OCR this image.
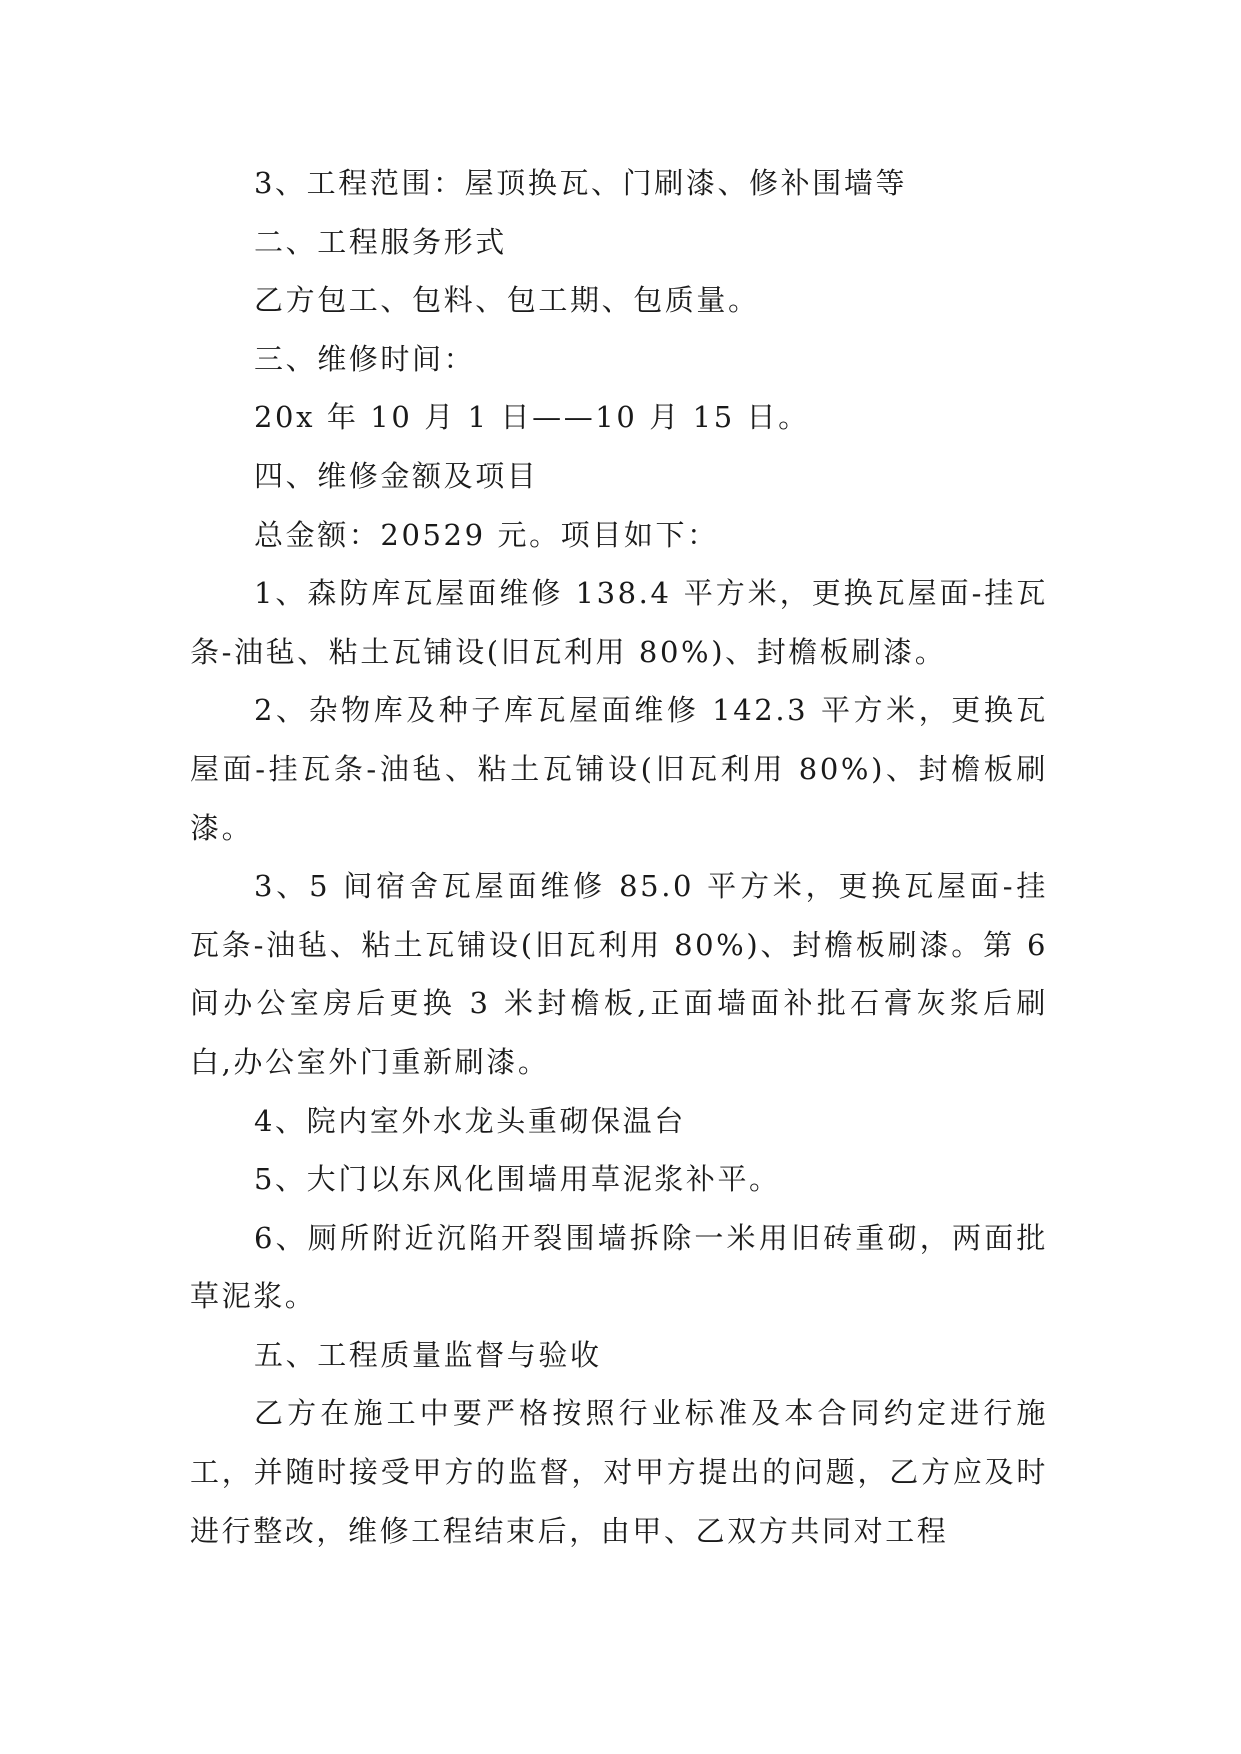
3、工程范围：屋顶换瓦、门刷漆、修补围墙等

二、工程服务形式

乙方包工、包料、包工期、包质量。

三、维修时间：

20x 年 10 月 1 日——10 月 15 日。

四、维修金额及项目

总金额：20529 元。项目如下：

1、森防库瓦屋面维修 138.4 平方米，更换瓦屋面-挂瓦条-油毡、粘土瓦铺设(旧瓦利用 80%)、封檐板刷漆。

2、杂物库及种子库瓦屋面维修 142.3 平方米，更换瓦屋面-挂瓦条-油毡、粘土瓦铺设(旧瓦利用 80%)、封檐板刷漆。

3、5 间宿舍瓦屋面维修 85.0 平方米，更换瓦屋面-挂瓦条-油毡、粘土瓦铺设(旧瓦利用 80%)、封檐板刷漆。第 6 间办公室房后更换 3 米封檐板,正面墙面补批石膏灰浆后刷白,办公室外门重新刷漆。

4、院内室外水龙头重砌保温台

5、大门以东风化围墙用草泥浆补平。

6、厕所附近沉陷开裂围墙拆除一米用旧砖重砌，两面批草泥浆。

五、工程质量监督与验收

乙方在施工中要严格按照行业标准及本合同约定进行施工，并随时接受甲方的监督，对甲方提出的问题，乙方应及时进行整改，维修工程结束后，由甲、乙双方共同对工程
